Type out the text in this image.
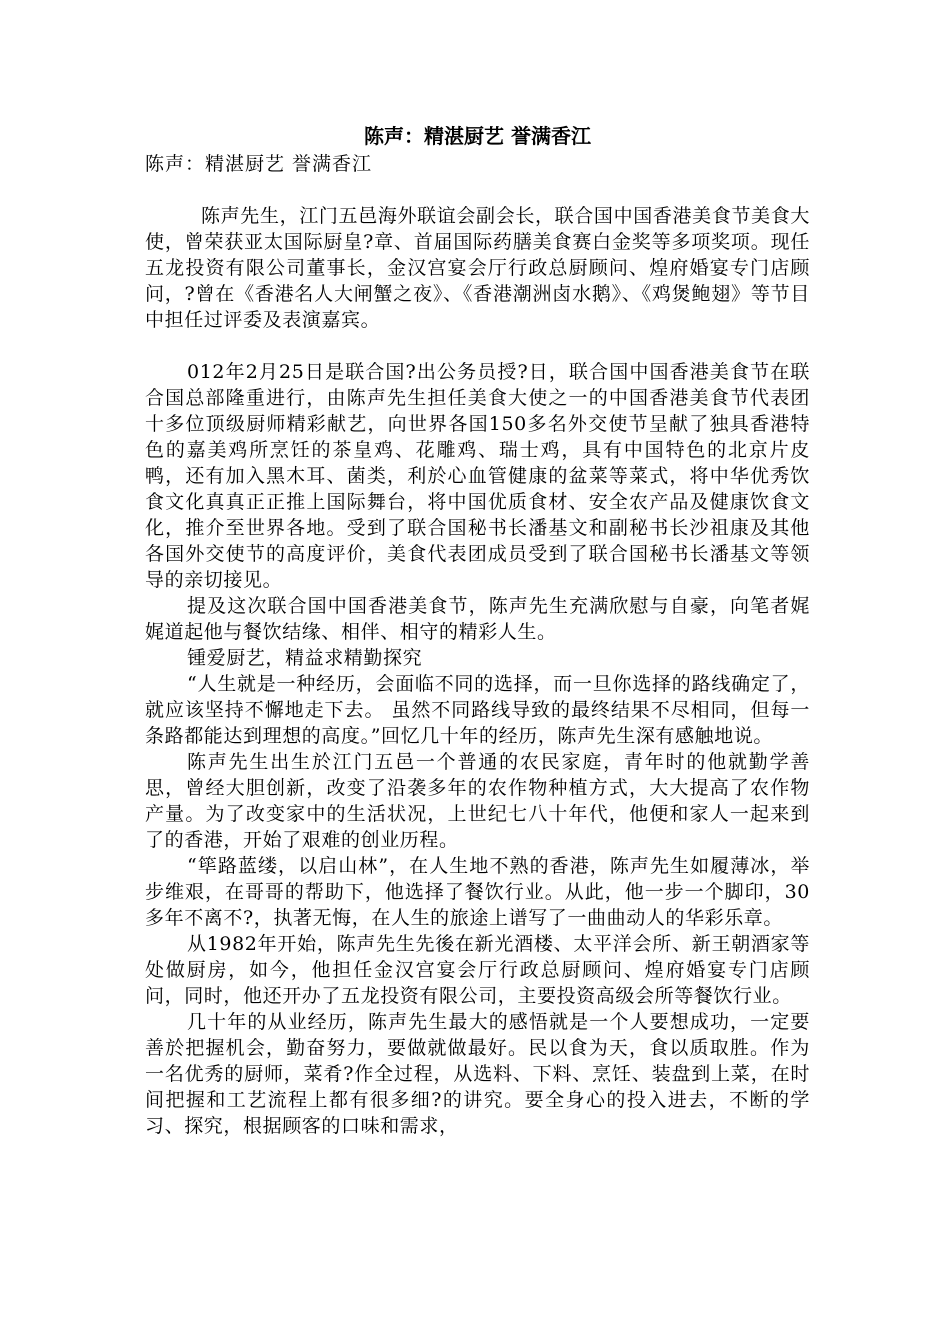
陈声：精湛厨艺 誉满香江

陈声：精湛厨艺 誉满香江

陈声先生，江门五邑海外联谊会副会长，联合国中国香港美食节美食大使，曾荣获亚太国际厨皇?章、首届国际药膳美食赛白金奖等多项奖项。现任五龙投资有限公司董事长，金汉宫宴会厅行政总厨顾问、煌府婚宴专门店顾问，?曾在《香港名人大闸蟹之夜》、《香港潮洲卤水鹅》、《鸡煲鲍翅》等节目中担任过评委及表演嘉宾。

012年2月25日是联合国?出公务员授?日，联合国中国香港美食节在联合国总部隆重进行，由陈声先生担任美食大使之一的中国香港美食节代表团十多位顶级厨师精彩献艺，向世界各国150多名外交使节呈献了独具香港特色的嘉美鸡所烹饪的茶皇鸡、花雕鸡、瑞士鸡，具有中国特色的北京片皮鸭，还有加入黑木耳、菌类，利於心血管健康的盆菜等菜式，将中华优秀饮食文化真真正正推上国际舞台，将中国优质食材、安全农产品及健康饮食文化，推介至世界各地。受到了联合国秘书长潘基文和副秘书长沙祖康及其他各国外交使节的高度评价，美食代表团成员受到了联合国秘书长潘基文等领导的亲切接见。

提及这次联合国中国香港美食节，陈声先生充满欣慰与自豪，向笔者娓娓道起他与餐饮结缘、相伴、相守的精彩人生。

锺爱厨艺，精益求精勤探究

“人生就是一种经历，会面临不同的选择，而一旦你选择的路线确定了，就应该坚持不懈地走下去。 虽然不同路线导致的最终结果不尽相同，但每一条路都能达到理想的高度。”回忆几十年的经历，陈声先生深有感触地说。

陈声先生出生於江门五邑一个普通的农民家庭，青年时的他就勤学善思，曾经大胆创新，改变了沿袭多年的农作物种植方式，大大提高了农作物产量。为了改变家中的生活状况，上世纪七八十年代，他便和家人一起来到了的香港，开始了艰难的创业历程。

“筚路蓝缕，以启山林”，在人生地不熟的香港，陈声先生如履薄冰，举步维艰，在哥哥的帮助下，他选择了餐饮行业。从此，他一步一个脚印，30多年不离不?，执著无悔，在人生的旅途上谱写了一曲曲动人的华彩乐章。

从1982年开始，陈声先生先後在新光酒楼、太平洋会所、新王朝酒家等处做厨房，如今，他担任金汉宫宴会厅行政总厨顾问、煌府婚宴专门店顾问，同时，他还开办了五龙投资有限公司，主要投资高级会所等餐饮行业。

几十年的从业经历，陈声先生最大的感悟就是一个人要想成功，一定要善於把握机会，勤奋努力，要做就做最好。民以食为天，食以质取胜。作为一名优秀的厨师，菜肴?作全过程，从选料、下料、烹饪、装盘到上菜，在时间把握和工艺流程上都有很多细?的讲究。要全身心的投入进去，不断的学习、探究，根据顾客的口味和需求，
